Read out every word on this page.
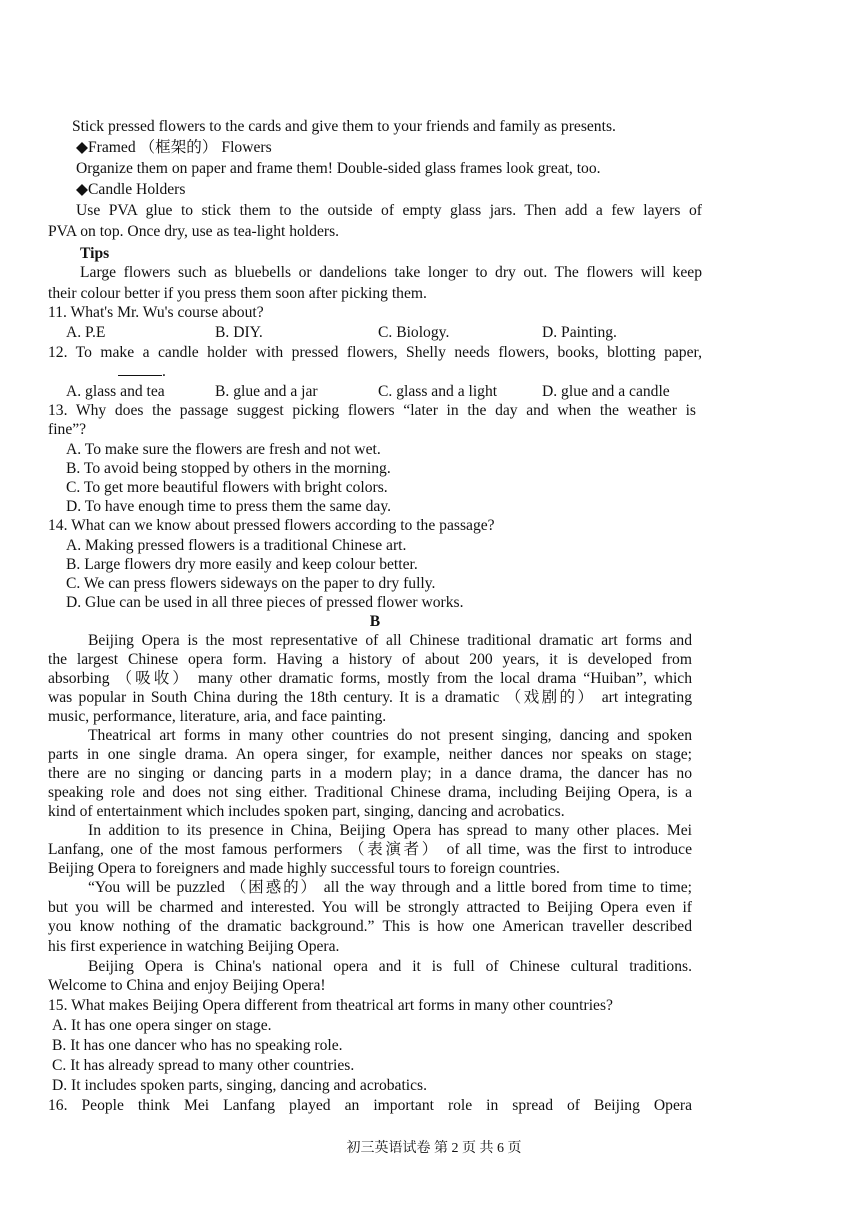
Stick pressed flowers to the cards and give them to your friends and family as presents.
◆Framed （框架的） Flowers
Organize them on paper and frame them! Double-sided glass frames look great, too.
◆Candle Holders
Use PVA glue to stick them to the outside of empty glass jars. Then add a few layers of
PVA on top. Once dry, use as tea-light holders.
Tips
Large flowers such as bluebells or dandelions take longer to dry out. The flowers will keep
their colour better if you press them soon after picking them.
11. What's Mr. Wu's course about?
A. P.E	B. DIY.	C. Biology.	D. Painting.
12. To make a candle holder with pressed flowers, Shelly needs flowers, books, blotting paper,
.
A. glass and tea	B. glue and a jar	C. glass and a light	D. glue and a candle
13. Why does the passage suggest picking flowers “later in the day and when the weather is
fine”?
A. To make sure the flowers are fresh and not wet.
B. To avoid being stopped by others in the morning.
C. To get more beautiful flowers with bright colors.
D. To have enough time to press them the same day.
14. What can we know about pressed flowers according to the passage?
A. Making pressed flowers is a traditional Chinese art.
B. Large flowers dry more easily and keep colour better.
C. We can press flowers sideways on the paper to dry fully.
D. Glue can be used in all three pieces of pressed flower works.
B
Beijing Opera is the most representative of all Chinese traditional dramatic art forms and
the largest Chinese opera form. Having a history of about 200 years, it is developed from
absorbing （吸收） many other dramatic forms, mostly from the local drama “Huiban”, which
was popular in South China during the 18th century. It is a dramatic （戏剧的） art integrating
music, performance, literature, aria, and face painting.
Theatrical art forms in many other countries do not present singing, dancing and spoken
parts in one single drama. An opera singer, for example, neither dances nor speaks on stage;
there are no singing or dancing parts in a modern play; in a dance drama, the dancer has no
speaking role and does not sing either. Traditional Chinese drama, including Beijing Opera, is a
kind of entertainment which includes spoken part, singing, dancing and acrobatics.
In addition to its presence in China, Beijing Opera has spread to many other places. Mei
Lanfang, one of the most famous performers （表演者） of all time, was the first to introduce
Beijing Opera to foreigners and made highly successful tours to foreign countries.
“You will be puzzled （困惑的） all the way through and a little bored from time to time;
but you will be charmed and interested. You will be strongly attracted to Beijing Opera even if
you know nothing of the dramatic background.” This is how one American traveller described
his first experience in watching Beijing Opera.
Beijing Opera is China's national opera and it is full of Chinese cultural traditions.
Welcome to China and enjoy Beijing Opera!
15. What makes Beijing Opera different from theatrical art forms in many other countries?
A. It has one opera singer on stage.
B. It has one dancer who has no speaking role.
C. It has already spread to many other countries.
D. It includes spoken parts, singing, dancing and acrobatics.
16. People think Mei Lanfang played an important role in spread of Beijing Opera
初三英语试卷 第 2 页 共 6 页
